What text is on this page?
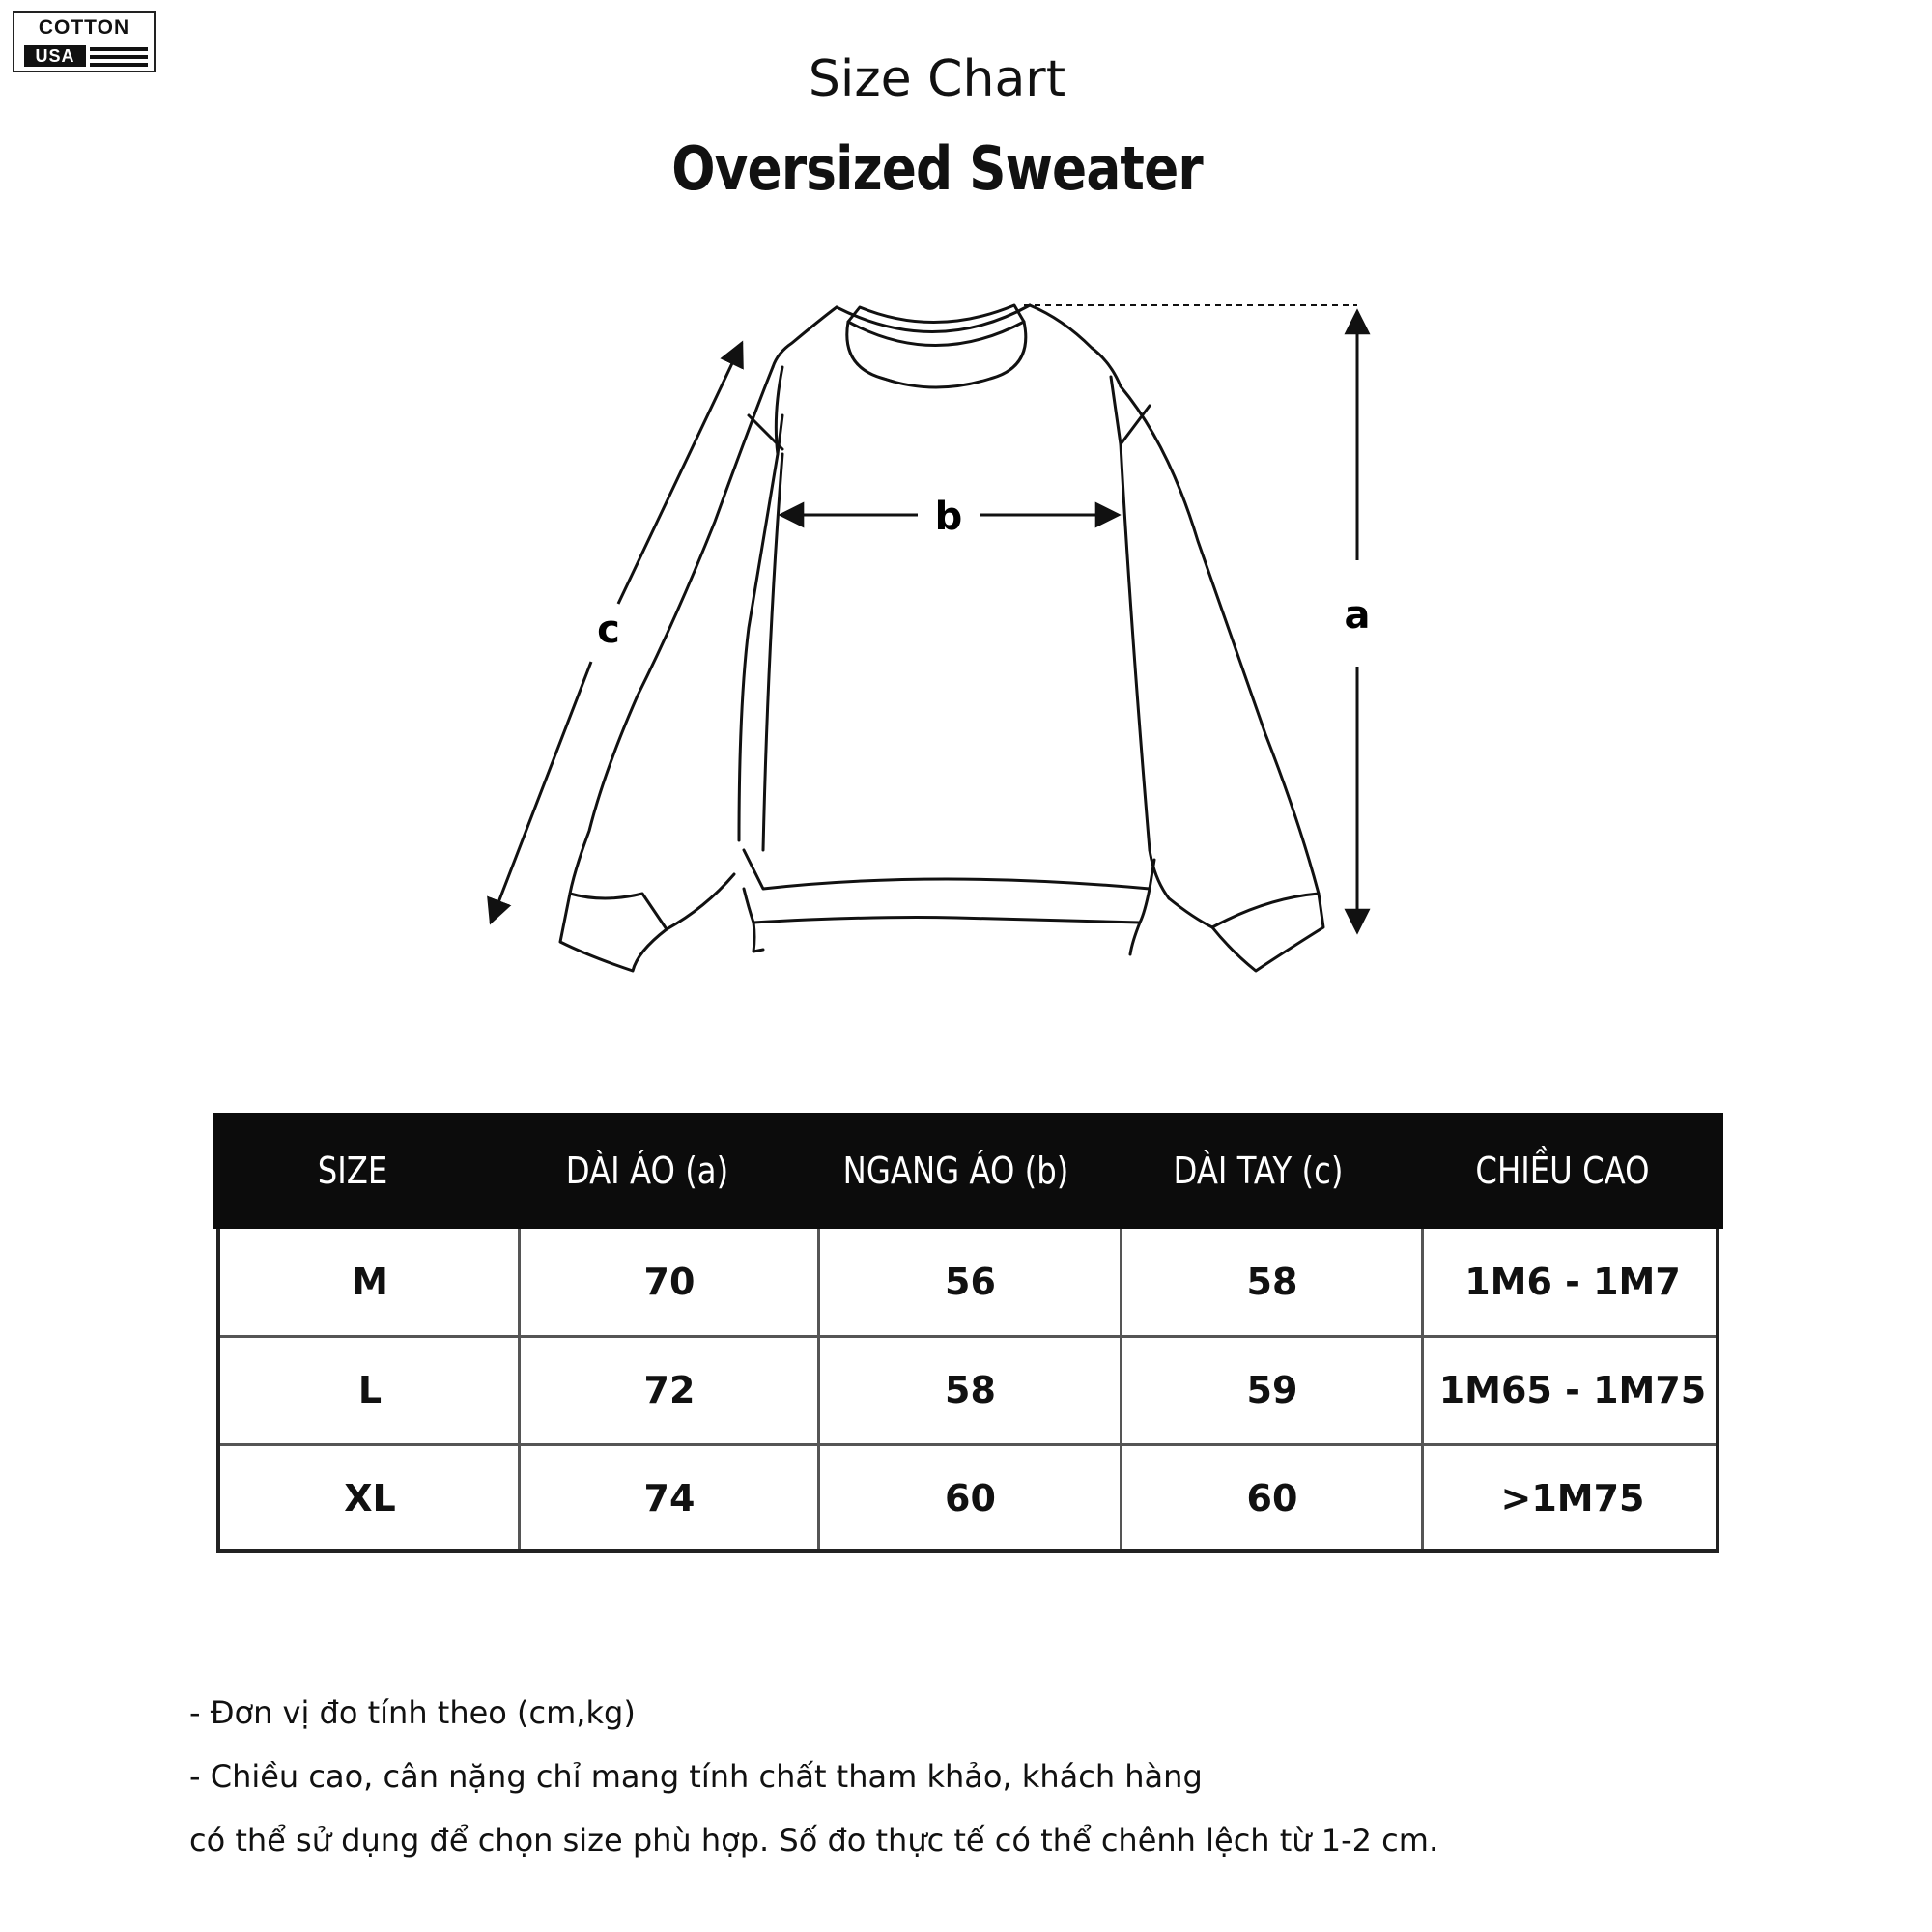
COTTON
USA	Size Chart
Oversized Sweater
a
b
c
SIZE	DÀI ÁO (a)	NGANG ÁO (b)	DÀI TAY (c)	CHIỀU CAO
M	70	56	58	1M6 - 1M7
L	72	58	59	1M65 - 1M75
XL	74	60	60	>1M75
- Đơn vị đo tính theo (cm,kg)
- Chiều cao, cân nặng chỉ mang tính chất tham khảo, khách hàng
có thể sử dụng để chọn size phù hợp. Số đo thực tế có thể chênh lệch từ 1-2 cm.
